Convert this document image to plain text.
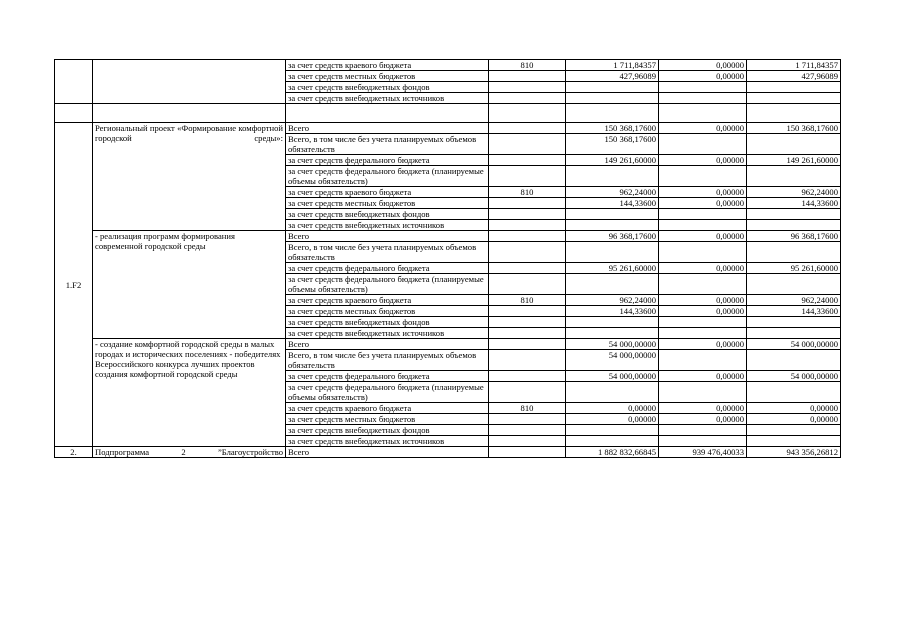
		за счет средств краевого бюджета	810	1 711,84357	0,00000	1 711,84357
		за счет средств местных бюджетов		427,96089	0,00000	427,96089
		за счет средств внебюджетных фондов				
		за счет средств внебюджетных источников				

1.F2	Региональный проект «Формирование комфортной городской среды»:	Всего		150 368,17600	0,00000	150 368,17600
		Всего, в том числе без учета планируемых объемов обязательств		150 368,17600		
		за счет средств федерального бюджета		149 261,60000	0,00000	149 261,60000
		за счет средств федерального бюджета (планируемые объемы обязательств)				
		за счет средств краевого бюджета	810	962,24000	0,00000	962,24000
		за счет средств местных бюджетов		144,33600	0,00000	144,33600
		за счет средств внебюджетных фондов				
		за счет средств внебюджетных источников				
	- реализация программ формирования современной городской среды	Всего		96 368,17600	0,00000	96 368,17600
		Всего, в том числе без учета планируемых объемов обязательств				
		за счет средств федерального бюджета		95 261,60000	0,00000	95 261,60000
		за счет средств федерального бюджета (планируемые объемы обязательств)				
		за счет средств краевого бюджета	810	962,24000	0,00000	962,24000
		за счет средств местных бюджетов		144,33600	0,00000	144,33600
		за счет средств внебюджетных фондов				
		за счет средств внебюджетных источников				
	- создание комфортной городской среды в малых городах и исторических поселениях - победителях Всероссийского конкурса лучших проектов создания комфортной городской среды	Всего		54 000,00000	0,00000	54 000,00000
		Всего, в том числе без учета планируемых объемов обязательств		54 000,00000		
		за счет средств федерального бюджета		54 000,00000	0,00000	54 000,00000
		за счет средств федерального бюджета (планируемые объемы обязательств)				
		за счет средств краевого бюджета	810	0,00000	0,00000	0,00000
		за счет средств местных бюджетов		0,00000	0,00000	0,00000
		за счет средств внебюджетных фондов				
		за счет средств внебюджетных источников				
2.	Подпрограмма 2 ”Благоустройство	Всего		1 882 832,66845	939 476,40033	943 356,26812
